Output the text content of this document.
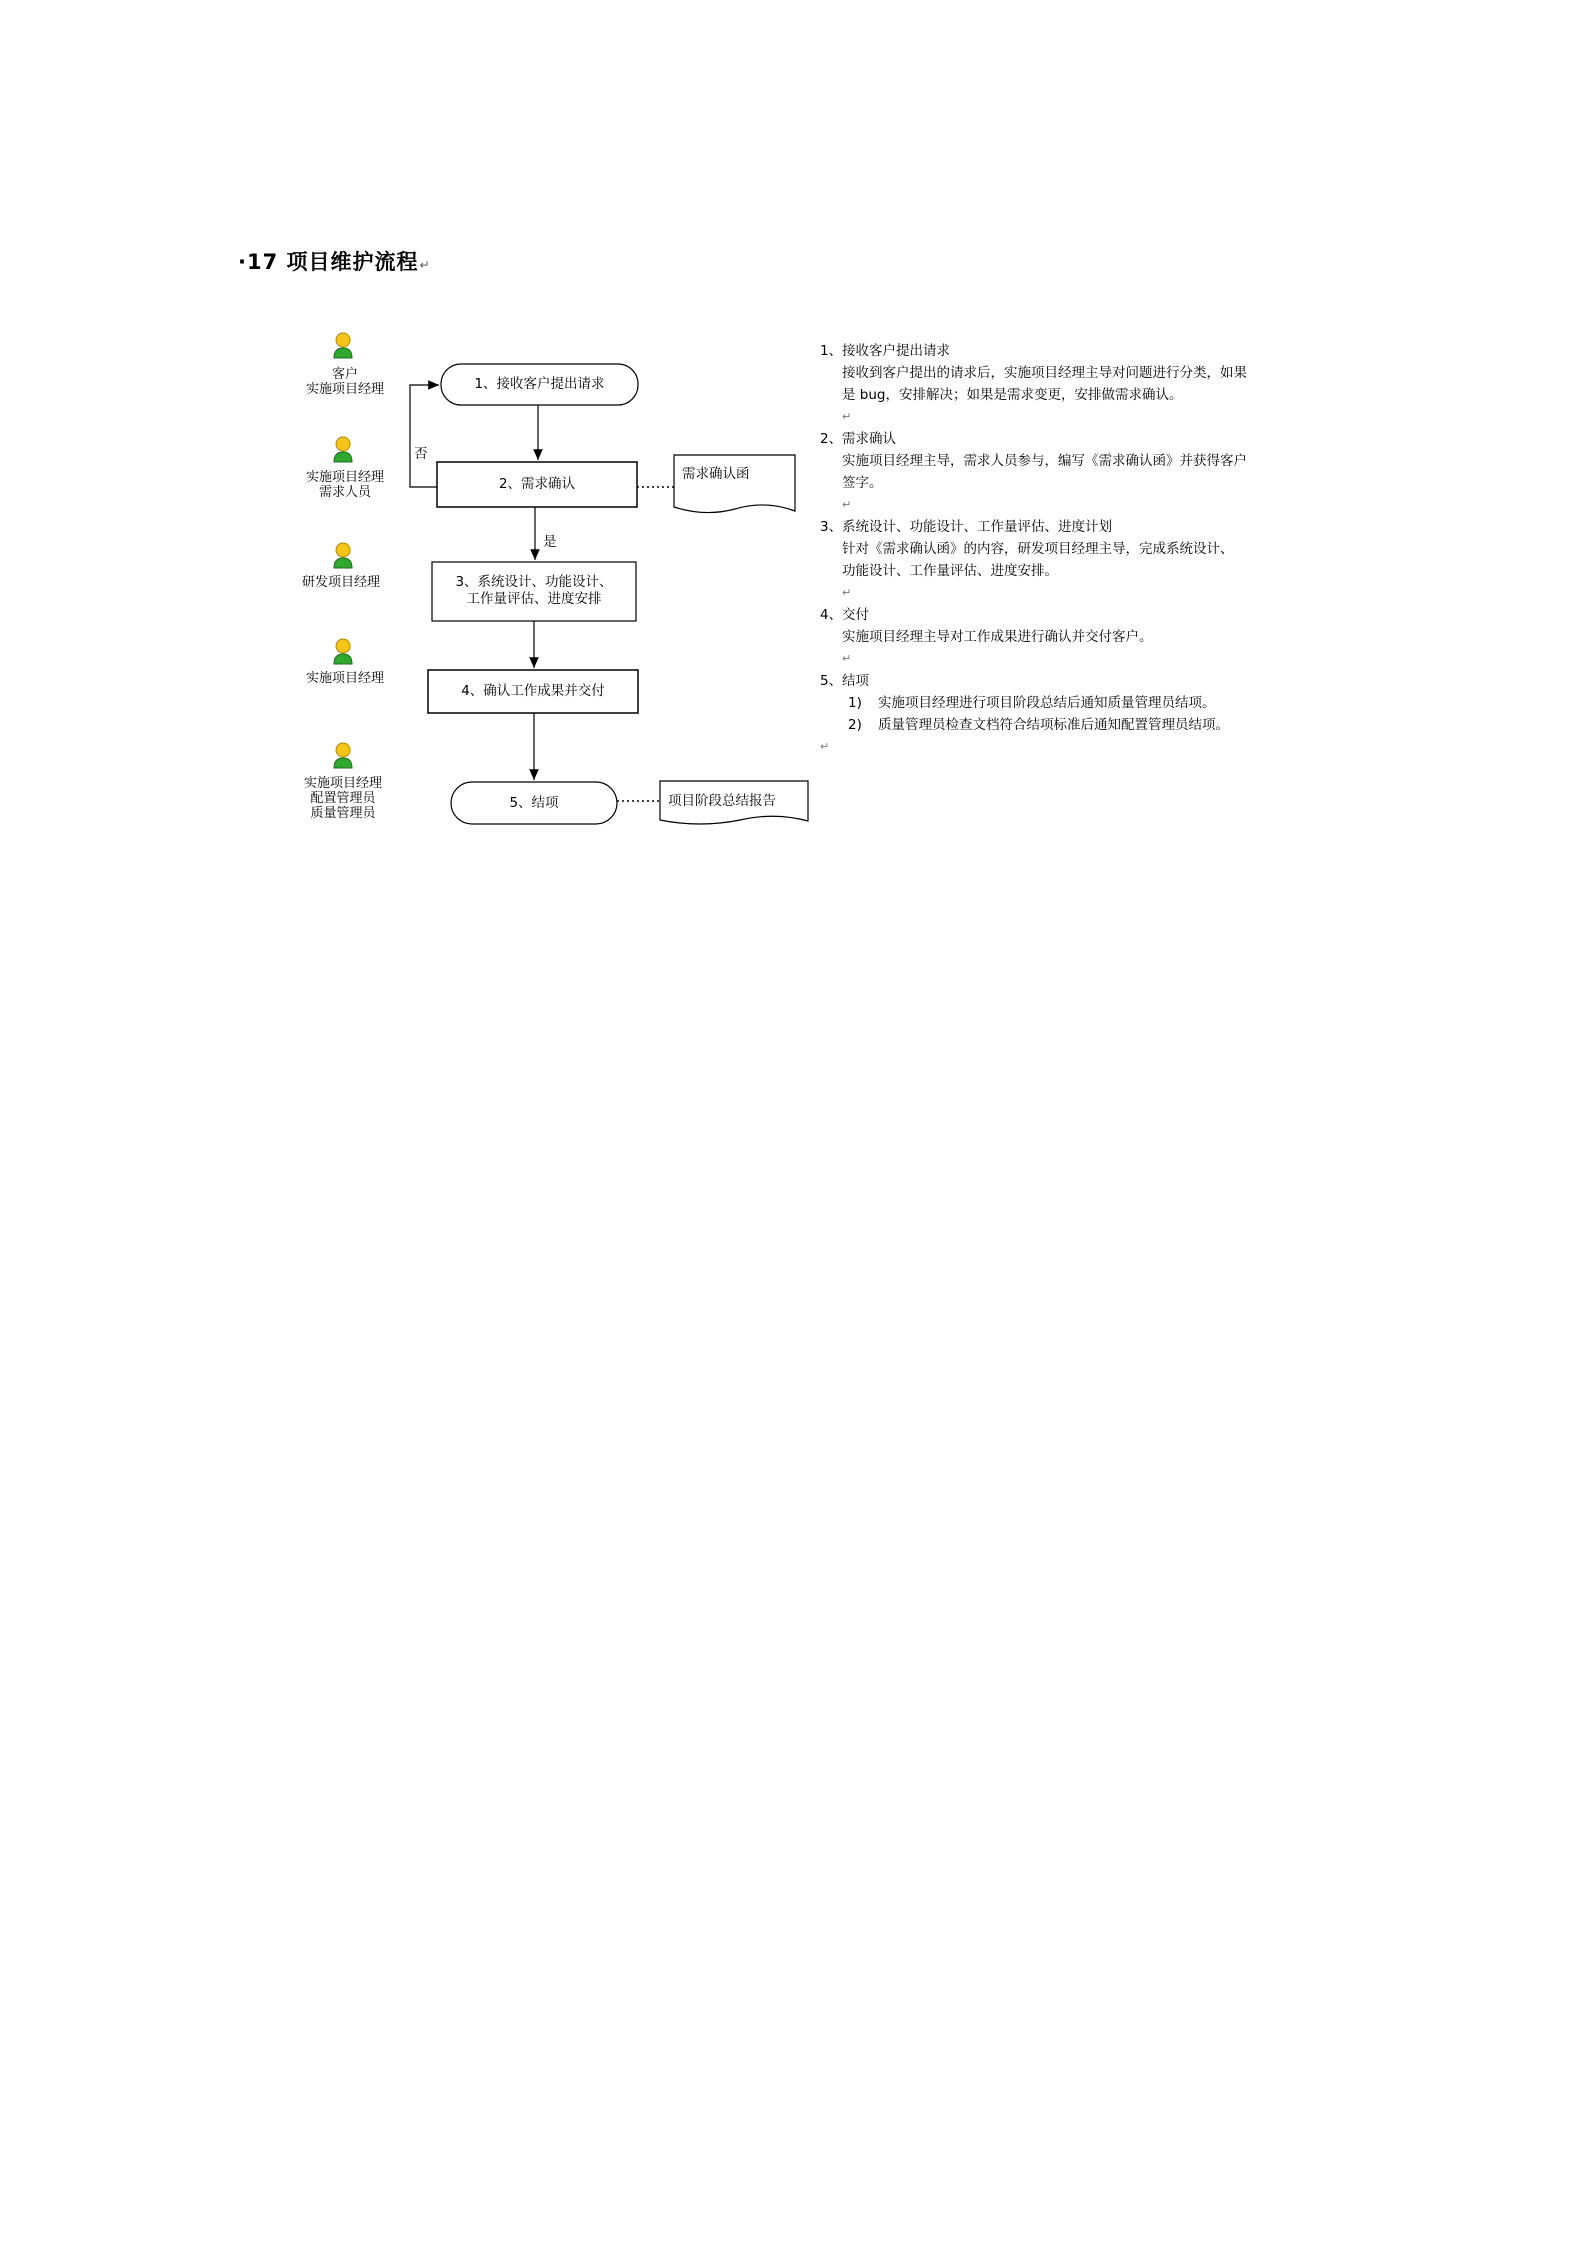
·17 项目维护流程↵
客户
实施项目经理
实施项目经理
需求人员
研发项目经理
实施项目经理
实施项目经理
配置管理员
质量管理员
1、接收客户提出请求
2、需求确认
3、系统设计、功能设计、
工作量评估、进度安排
4、确认工作成果并交付
5、结项
需求确认函
项目阶段总结报告
否
是
1、 接收客户提出请求
接收到客户提出的请求后，实施项目经理主导对问题进行分类，如果
是 bug，安排解决；如果是需求变更，安排做需求确认。
↵
2、 需求确认
实施项目经理主导，需求人员参与，编写《需求确认函》并获得客户
签字。
↵
3、 系统设计、功能设计、工作量评估、进度计划
针对《需求确认函》的内容，研发项目经理主导，完成系统设计、
功能设计、工作量评估、进度安排。
↵
4、 交付
实施项目经理主导对工作成果进行确认并交付客户。
↵
5、 结项
1)	实施项目经理进行项目阶段总结后通知质量管理员结项。
2)	质量管理员检查文档符合结项标准后通知配置管理员结项。
↵
